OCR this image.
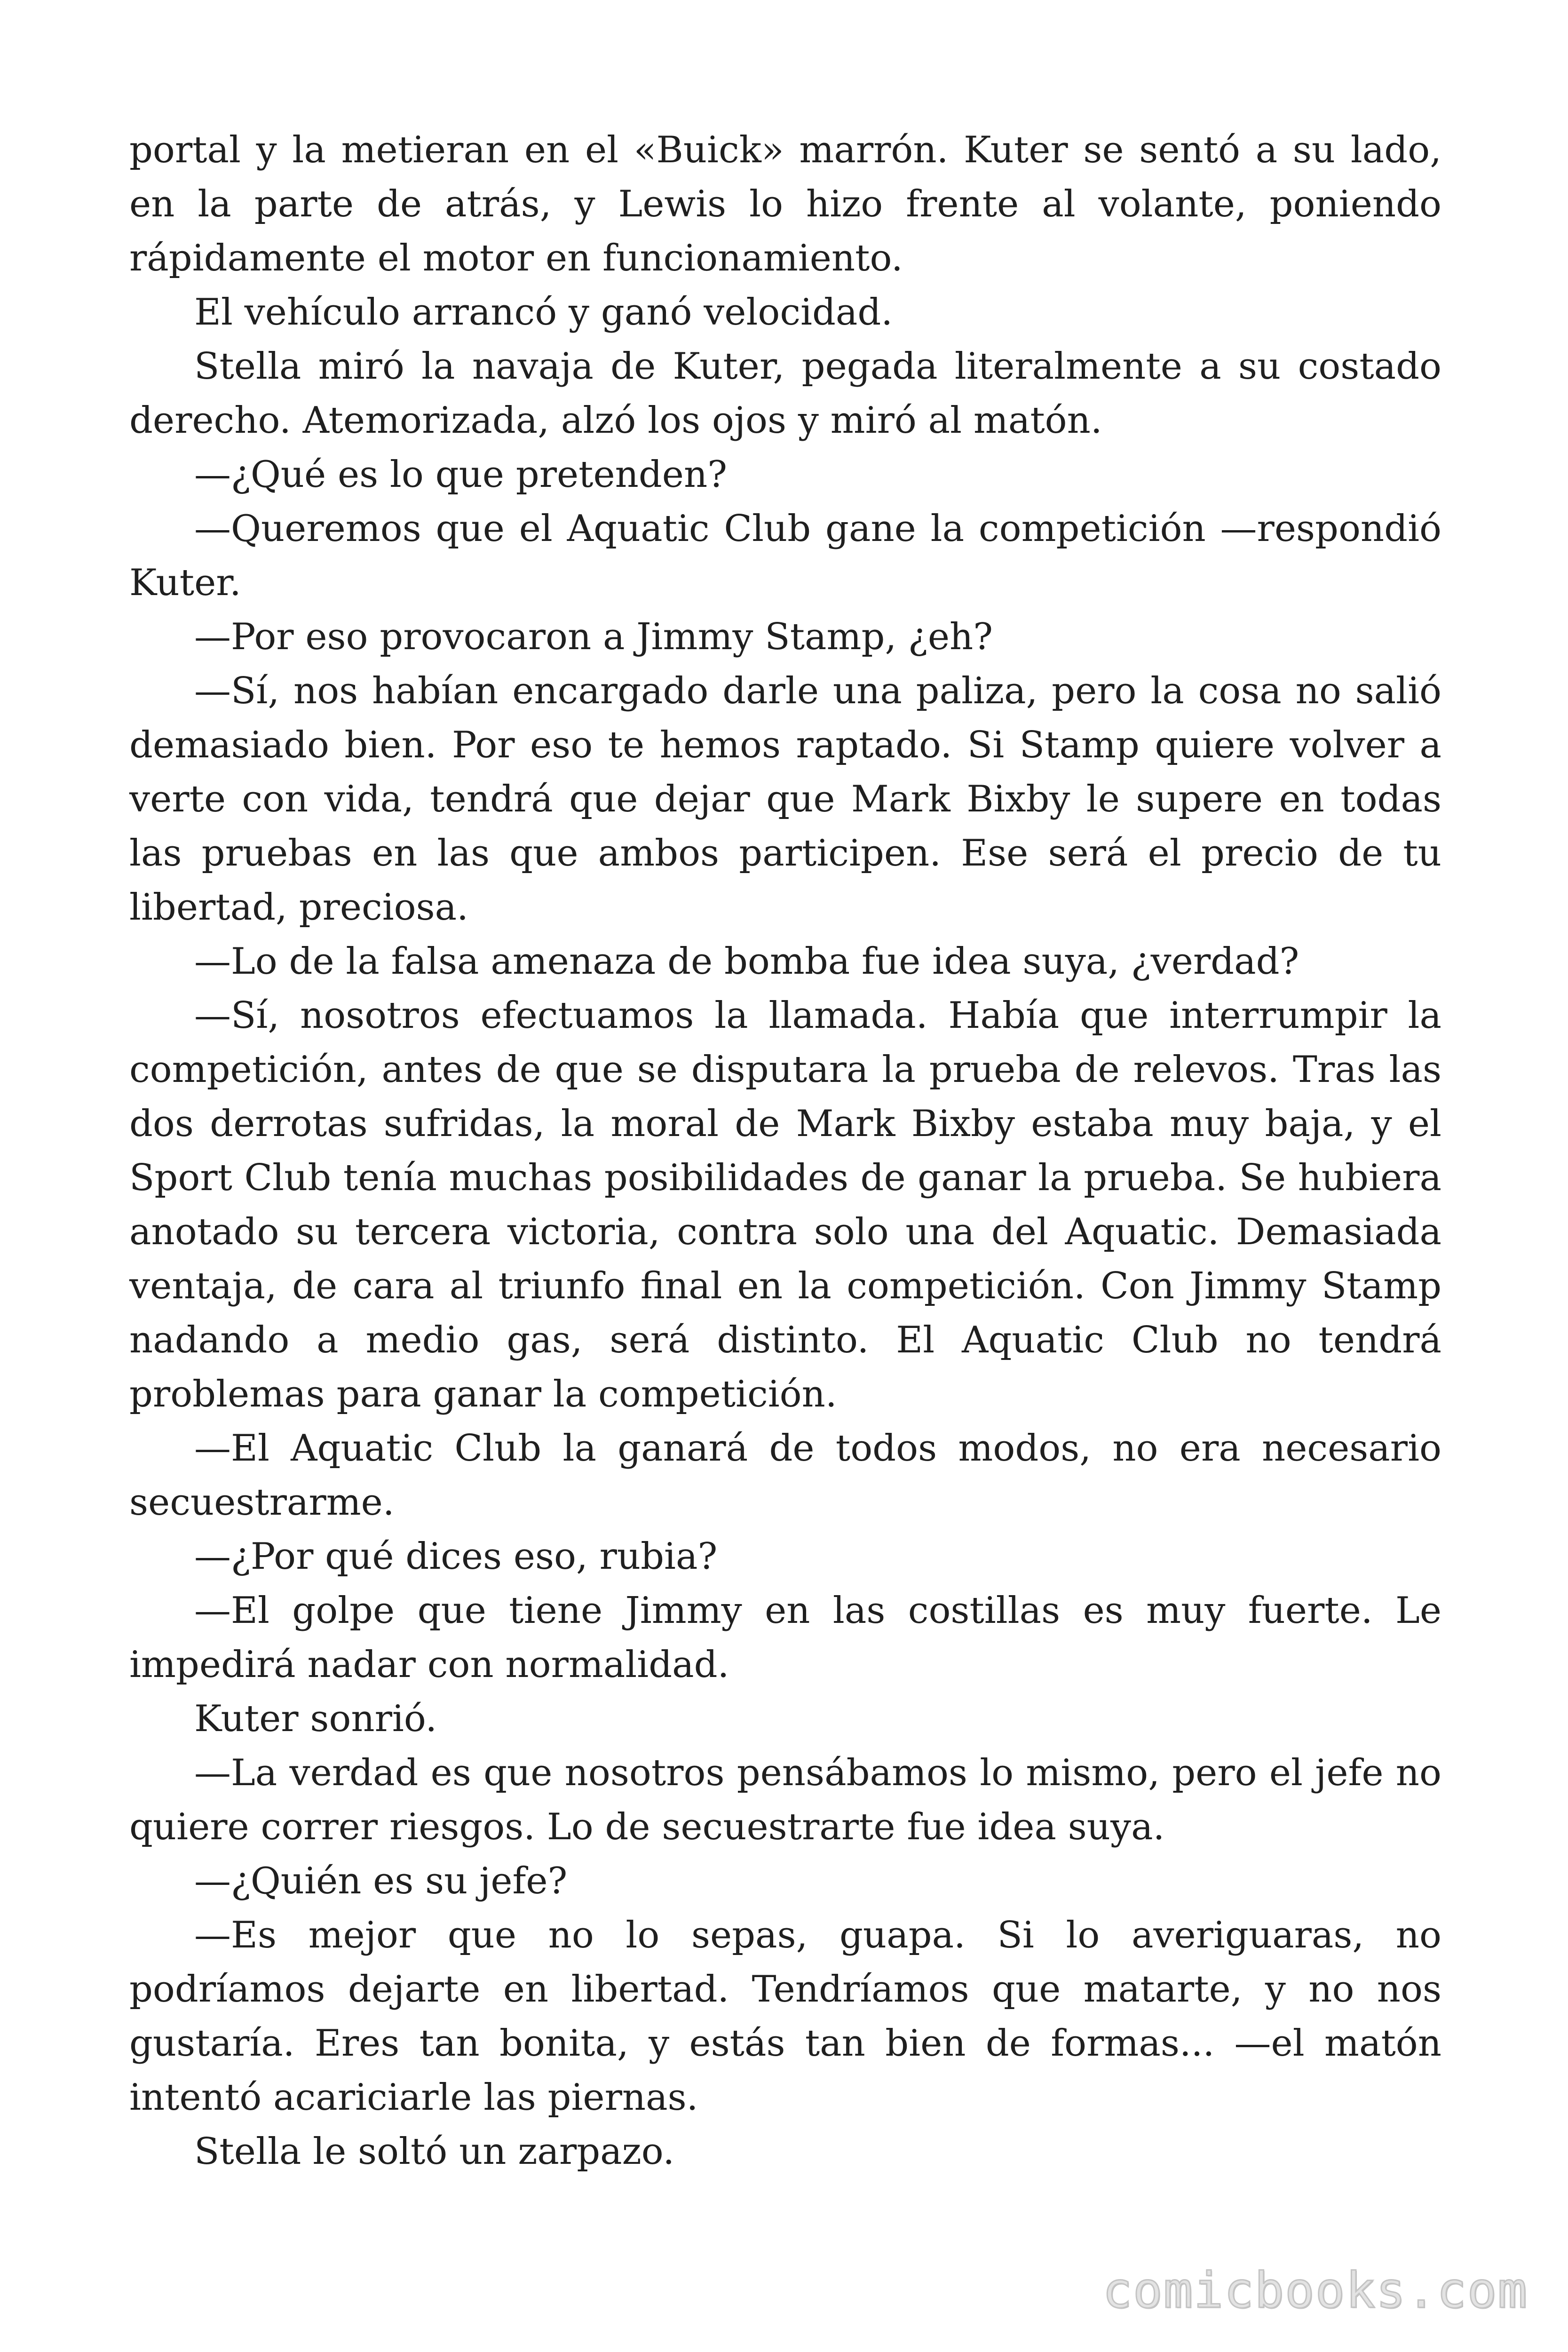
portal y la metieran en el «Buick» marrón. Kuter se sentó a su lado, en la parte de atrás, y Lewis lo hizo frente al volante, poniendo rápidamente el motor en funcionamiento.

El vehículo arrancó y ganó velocidad.

Stella miró la navaja de Kuter, pegada literalmente a su costado derecho. Atemorizada, alzó los ojos y miró al matón.

—¿Qué es lo que pretenden?

—Queremos que el Aquatic Club gane la competición —respondió Kuter.

—Por eso provocaron a Jimmy Stamp, ¿eh?

—Sí, nos habían encargado darle una paliza, pero la cosa no salió demasiado bien. Por eso te hemos raptado. Si Stamp quiere volver a verte con vida, tendrá que dejar que Mark Bixby le supere en todas las pruebas en las que ambos participen. Ese será el precio de tu libertad, preciosa.

—Lo de la falsa amenaza de bomba fue idea suya, ¿verdad?

—Sí, nosotros efectuamos la llamada. Había que interrumpir la competición, antes de que se disputara la prueba de relevos. Tras las dos derrotas sufridas, la moral de Mark Bixby estaba muy baja, y el Sport Club tenía muchas posibilidades de ganar la prueba. Se hubiera anotado su tercera victoria, contra solo una del Aquatic. Demasiada ventaja, de cara al triunfo final en la competición. Con Jimmy Stamp nadando a medio gas, será distinto. El Aquatic Club no tendrá problemas para ganar la competición.

—El Aquatic Club la ganará de todos modos, no era necesario secuestrarme.

—¿Por qué dices eso, rubia?

—El golpe que tiene Jimmy en las costillas es muy fuerte. Le impedirá nadar con normalidad.

Kuter sonrió.

—La verdad es que nosotros pensábamos lo mismo, pero el jefe no quiere correr riesgos. Lo de secuestrarte fue idea suya.

—¿Quién es su jefe?

—Es mejor que no lo sepas, guapa. Si lo averiguaras, no podríamos dejarte en libertad. Tendríamos que matarte, y no nos gustaría. Eres tan bonita, y estás tan bien de formas... —el matón intentó acariciarle las piernas.

Stella le soltó un zarpazo.

comicbooks.com
